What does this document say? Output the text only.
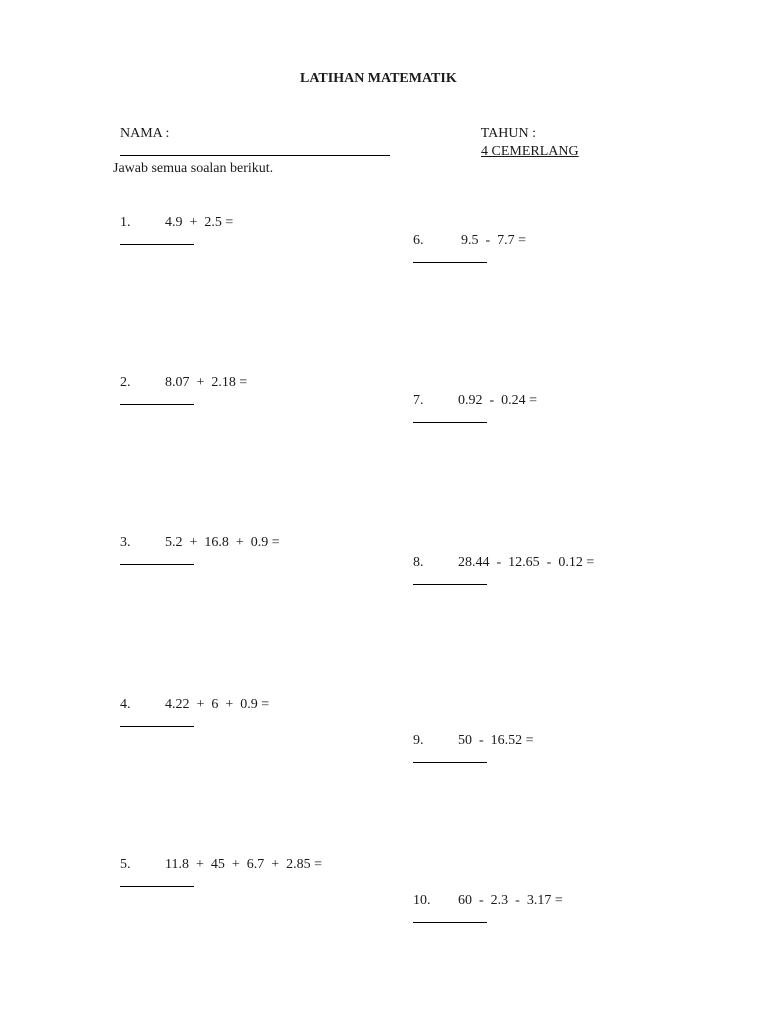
LATIHAN MATEMATIK

NAMA :
	TAHUN :
4 CEMERLANG

Jawab semua soalan berikut.

1. 4.9  +  2.5 =

2. 8.07  +  2.18 =

3. 5.2  +  16.8  +  0.9 =

4. 4.22  +  6  +  0.9 =

5. 11.8  +  45  +  6.7  +  2.85 =

6.	9.5  -  7.7 =

7. 0.92  -  0.24 =

8. 28.44  -  12.65  -  0.12 =

9. 50  -  16.52 =

10. 60  -  2.3  -  3.17 =
